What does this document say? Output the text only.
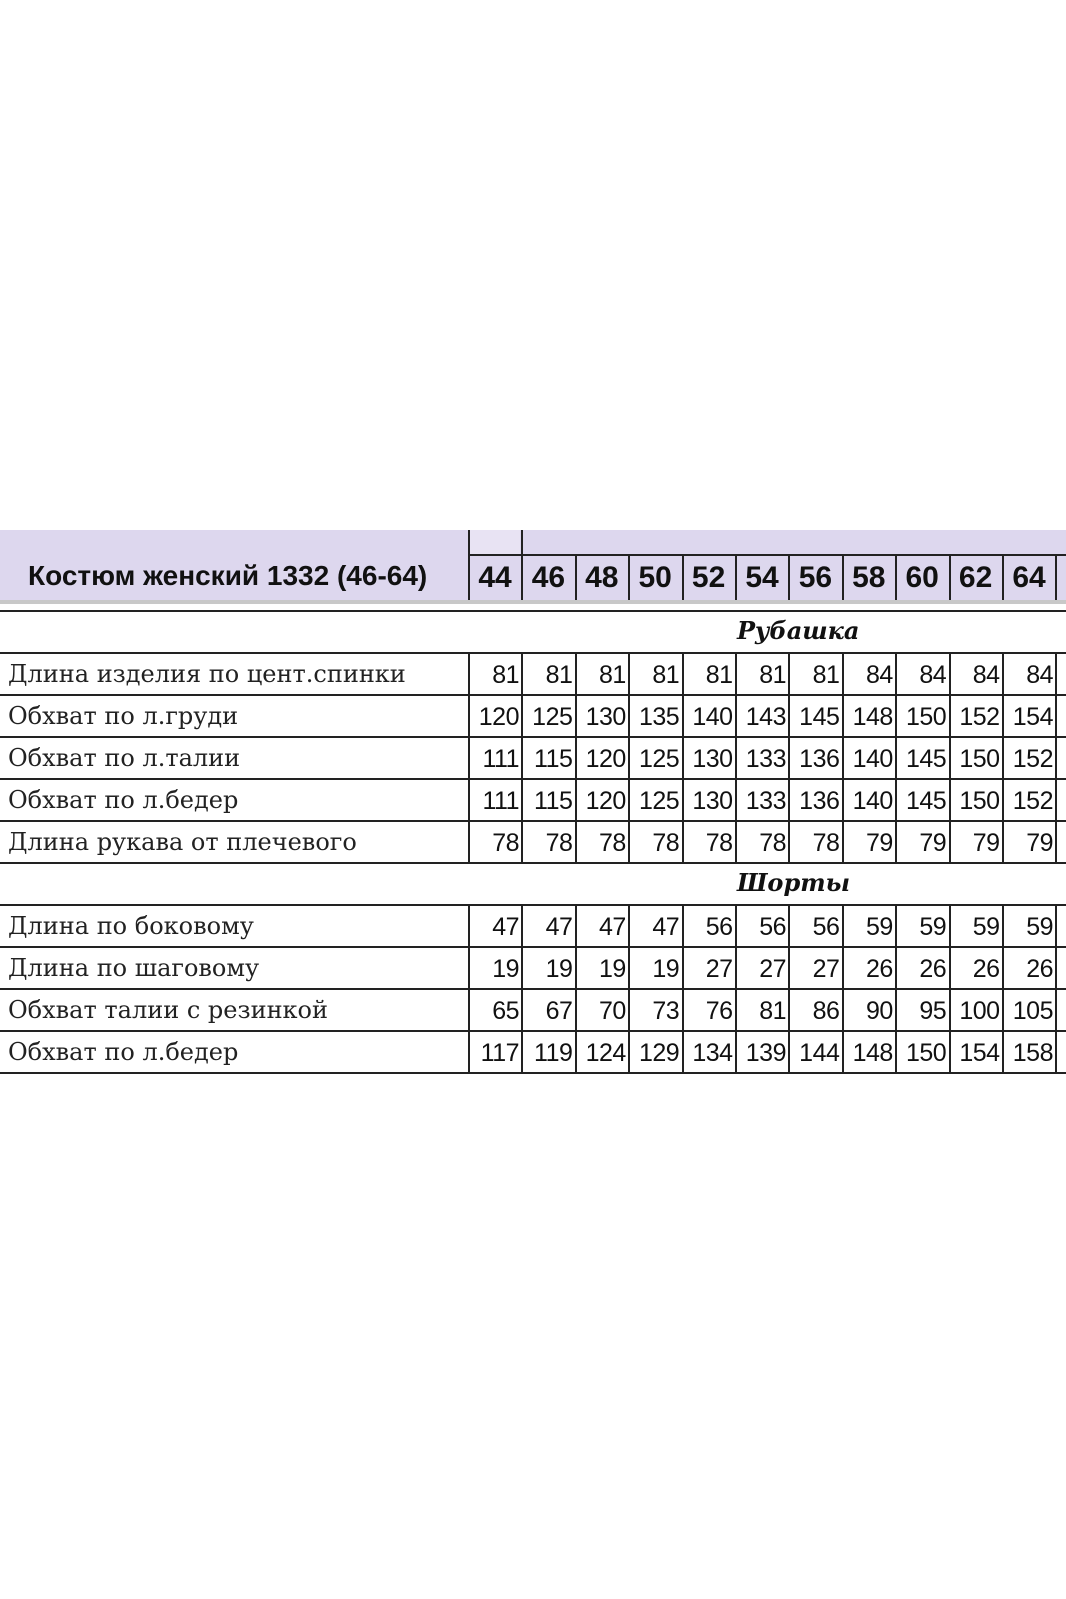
Костюм женский 1332 (46-64)	44 46 48 50 52 54 56 58 60 62 64
Рубашка
Длина изделия по цент.спинки	81	81	81	81	81	81	81	84	84	84	84
Обхват по л.груди	120 125 130 135 140 143 145 148 150 152 154
Обхват по л.талии	111 115 120 125 130 133 136 140 145 150 152
Обхват по л.бедер	111 115 120 125 130 133 136 140 145 150 152
Длина рукава от плечевого	78	78	78	78	78	78	78	79	79	79	79
Шорты
Длина по боковому	47	47	47	47	56	56	56	59	59	59	59
Длина по шаговому	19	19	19	19	27	27	27	26	26	26	26
Обхват талии с резинкой	65	67	70	73	76	81	86	90	95 100 105
Обхват по л.бедер	117 119 124 129 134 139 144 148 150 154 158
